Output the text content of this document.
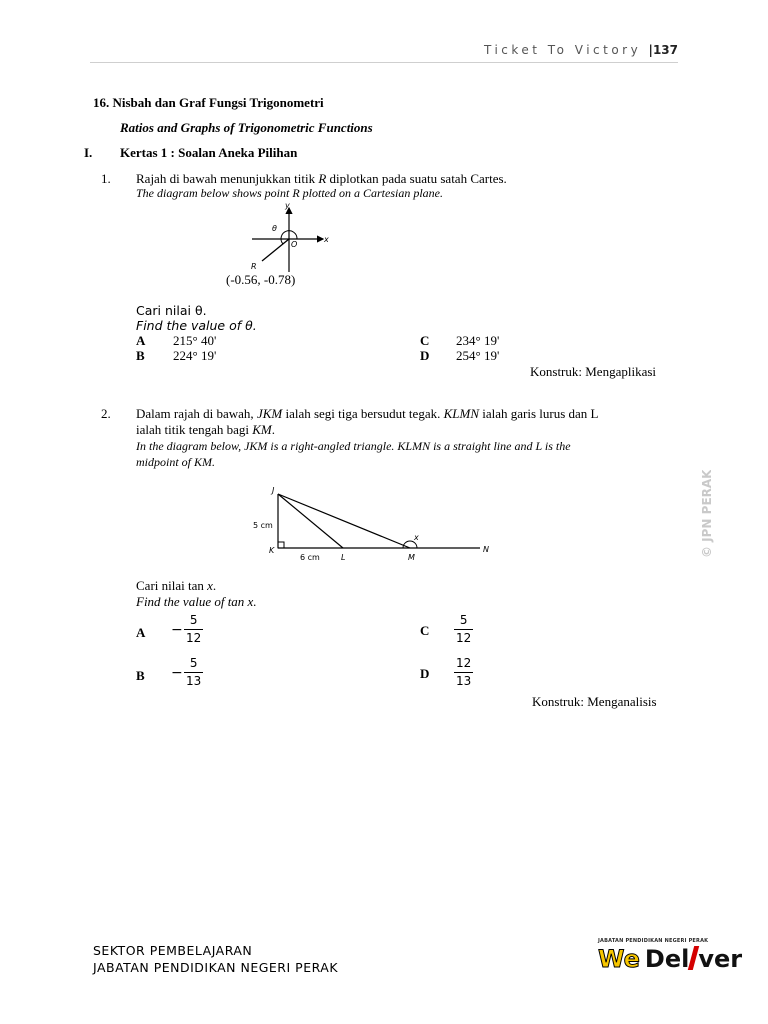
Ticket To Victory |137
16. Nisbah dan Graf Fungsi Trigonometri
Ratios and Graphs of Trigonometric Functions
I. Kertas 1 : Soalan Aneka Pilihan
1. Rajah di bawah menunjukkan titik R diplotkan pada suatu satah Cartes.
The diagram below shows point R plotted on a Cartesian plane.
y
x
O
θ
R
(-0.56, -0.78)
Cari nilai θ.
Find the value of θ.
A 215° 40'
B 224° 19'
C 234° 19'
D 254° 19'
Konstruk: Mengaplikasi
2. Dalam rajah di bawah, JKM ialah segi tiga bersudut tegak. KLMN ialah garis lurus dan L
ialah titik tengah bagi KM.
In the diagram below, JKM is a right-angled triangle. KLMN is a straight line and L is the
midpoint of KM.
J
K
L	M
N
x
5 cm
6 cm
Cari nilai tan x.
Find the value of tan x.
A −
5
12
B −
5
13
C
5
12
D
12
13
Konstruk: Menganalisis
© JPN PERAK
SEKTOR PEMBELAJARAN
JABATAN PENDIDIKAN NEGERI PERAK
JABATAN PENDIDIKAN NEGERI PERAK
We Del ver
